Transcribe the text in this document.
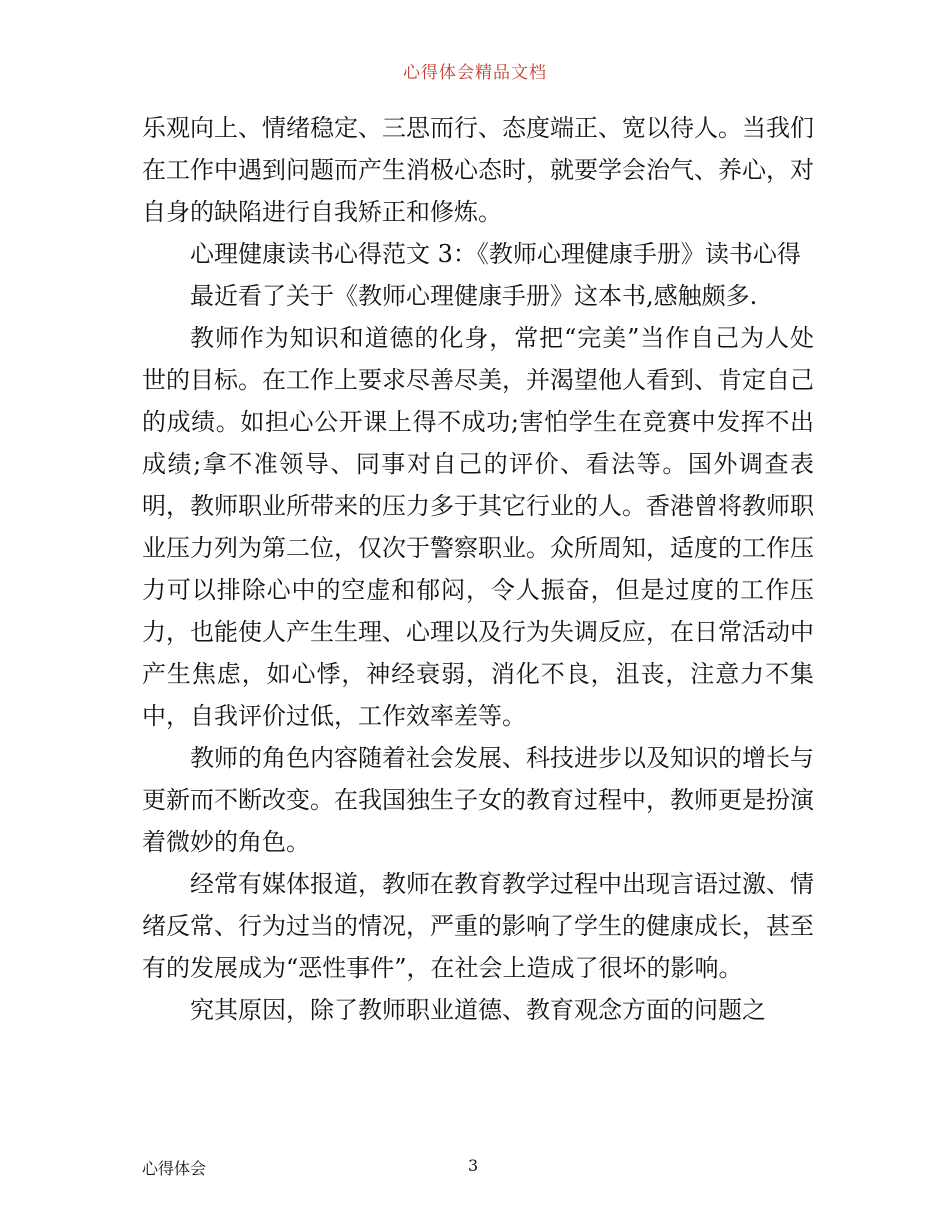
心得体会精品文档

乐观向上、情绪稳定、三思而行、态度端正、宽以待人。当我们在工作中遇到问题而产生消极心态时，就要学会治气、养心，对自身的缺陷进行自我矫正和修炼。

心理健康读书心得范文 3：《教师心理健康手册》读书心得

最近看了关于《教师心理健康手册》这本书,感触颇多.

教师作为知识和道德的化身，常把“完美”当作自己为人处世的目标。在工作上要求尽善尽美，并渴望他人看到、肯定自己的成绩。如担心公开课上得不成功;害怕学生在竞赛中发挥不出成绩;拿不准领导、同事对自己的评价、看法等。国外调查表明，教师职业所带来的压力多于其它行业的人。香港曾将教师职业压力列为第二位，仅次于警察职业。众所周知，适度的工作压力可以排除心中的空虚和郁闷，令人振奋，但是过度的工作压力，也能使人产生生理、心理以及行为失调反应，在日常活动中产生焦虑，如心悸，神经衰弱，消化不良，沮丧，注意力不集中，自我评价过低，工作效率差等。

教师的角色内容随着社会发展、科技进步以及知识的增长与更新而不断改变。在我国独生子女的教育过程中，教师更是扮演着微妙的角色。

经常有媒体报道，教师在教育教学过程中出现言语过激、情绪反常、行为过当的情况，严重的影响了学生的健康成长，甚至有的发展成为“恶性事件”，在社会上造成了很坏的影响。

究其原因，除了教师职业道德、教育观念方面的问题之

心得体会	3
